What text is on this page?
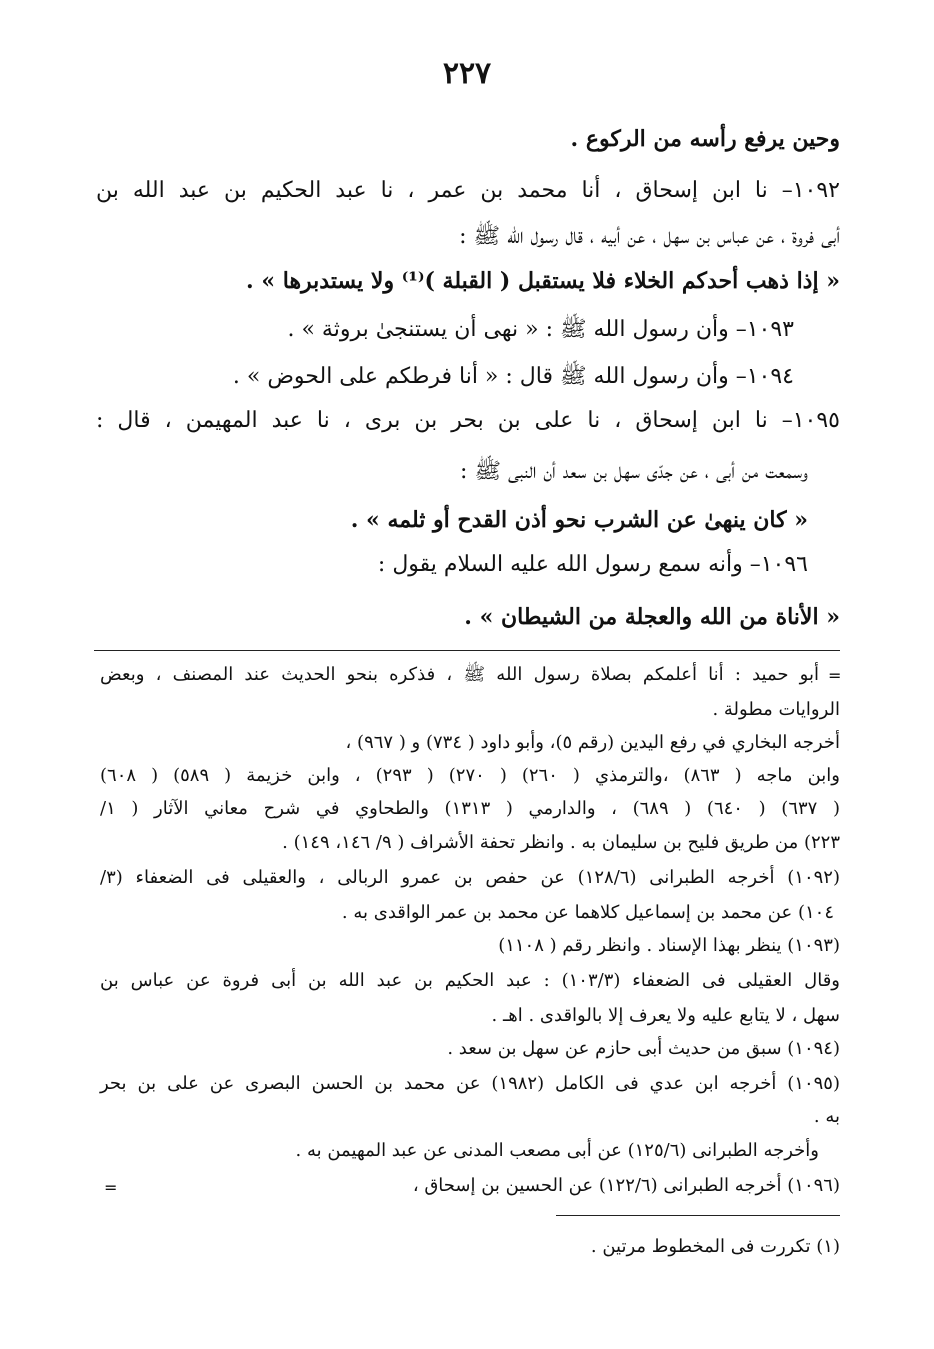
٢٢٧
وحين يرفع رأسه من الركوع .
١٠٩٢– نا ابن إسحاق ، أنا محمد بن عمر ، نا عبد الحكيم بن عبد الله بن
أبى فروة ، عن عباس بن سهل ، عن أبيه ، قال رسول الله ﷺ :
« إذا ذهب أحدكم الخلاء فلا يستقبل ( القبلة )⁽¹⁾ ولا يستدبرها » .
١٠٩٣– وأن رسول الله ﷺ : « نهى أن يستنجىٰ بروثة » .
١٠٩٤– وأن رسول الله ﷺ قال : « أنا فرطكم على الحوض » .
١٠٩٥– نا ابن إسحاق ، نا على بن بحر بن برى ، نا عبد المهيمن ، قال :
وسمعت من أبى ، عن جدّى سهل بن سعد أن النبى ﷺ :
« كان ينهىٰ عن الشرب نحو أذن القدح أو ثلمه » .
١٠٩٦– وأنه سمع رسول الله عليه السلام يقول :
« الأناة من الله والعجلة من الشيطان » .
=
أبو حميد : أنا أعلمكم بصلاة رسول الله ﷺ ، فذكره بنحو الحديث عند المصنف ، وبعض
الروايات مطولة .
أخرجه البخاري في رفع اليدين (رقم ٥)، وأبو داود ( ٧٣٤) و ( ٩٦٧) ،
وابن ماجه ( ٨٦٣) ،والترمذي ( ٢٦٠) ( ٢٧٠) ( ٢٩٣) ، وابن خزيمة ( ٥٨٩) ( ٦٠٨)
( ٦٣٧) ( ٦٤٠) ( ٦٨٩) ، والدارمي ( ١٣١٣) والطحاوي في شرح معاني الآثار ( ١/
٢٢٣) من طريق فليح بن سليمان به . وانظر تحفة الأشراف ( ٩/ ١٤٦، ١٤٩) .
(١٠٩٢) أخرجه الطبرانى (١٢٨/٦) عن حفص بن عمرو الربالى ، والعقيلى فى الضعفاء (٣/
١٠٤) عن محمد بن إسماعيل كلاهما عن محمد بن عمر الواقدى به .
(١٠٩٣) ينظر بهذا الإسناد . وانظر رقم ( ١١٠٨)
وقال العقيلى فى الضعفاء (١٠٣/٣) : عبد الحكيم بن عبد الله بن أبى فروة عن عباس بن
سهل ، لا يتابع عليه ولا يعرف إلا بالواقدى . اهـ .
(١٠٩٤) سبق من حديث أبى حازم عن سهل بن سعد .
(١٠٩٥) أخرجه ابن عدي فى الكامل (١٩٨٢) عن محمد بن الحسن البصرى عن على بن بحر
به .
وأخرجه الطبرانى (١٢٥/٦) عن أبى مصعب المدنى عن عبد المهيمن به .
(١٠٩٦) أخرجه الطبرانى (١٢٢/٦) عن الحسين بن إسحاق ،
=
(١) تكررت فى المخطوط مرتين .
